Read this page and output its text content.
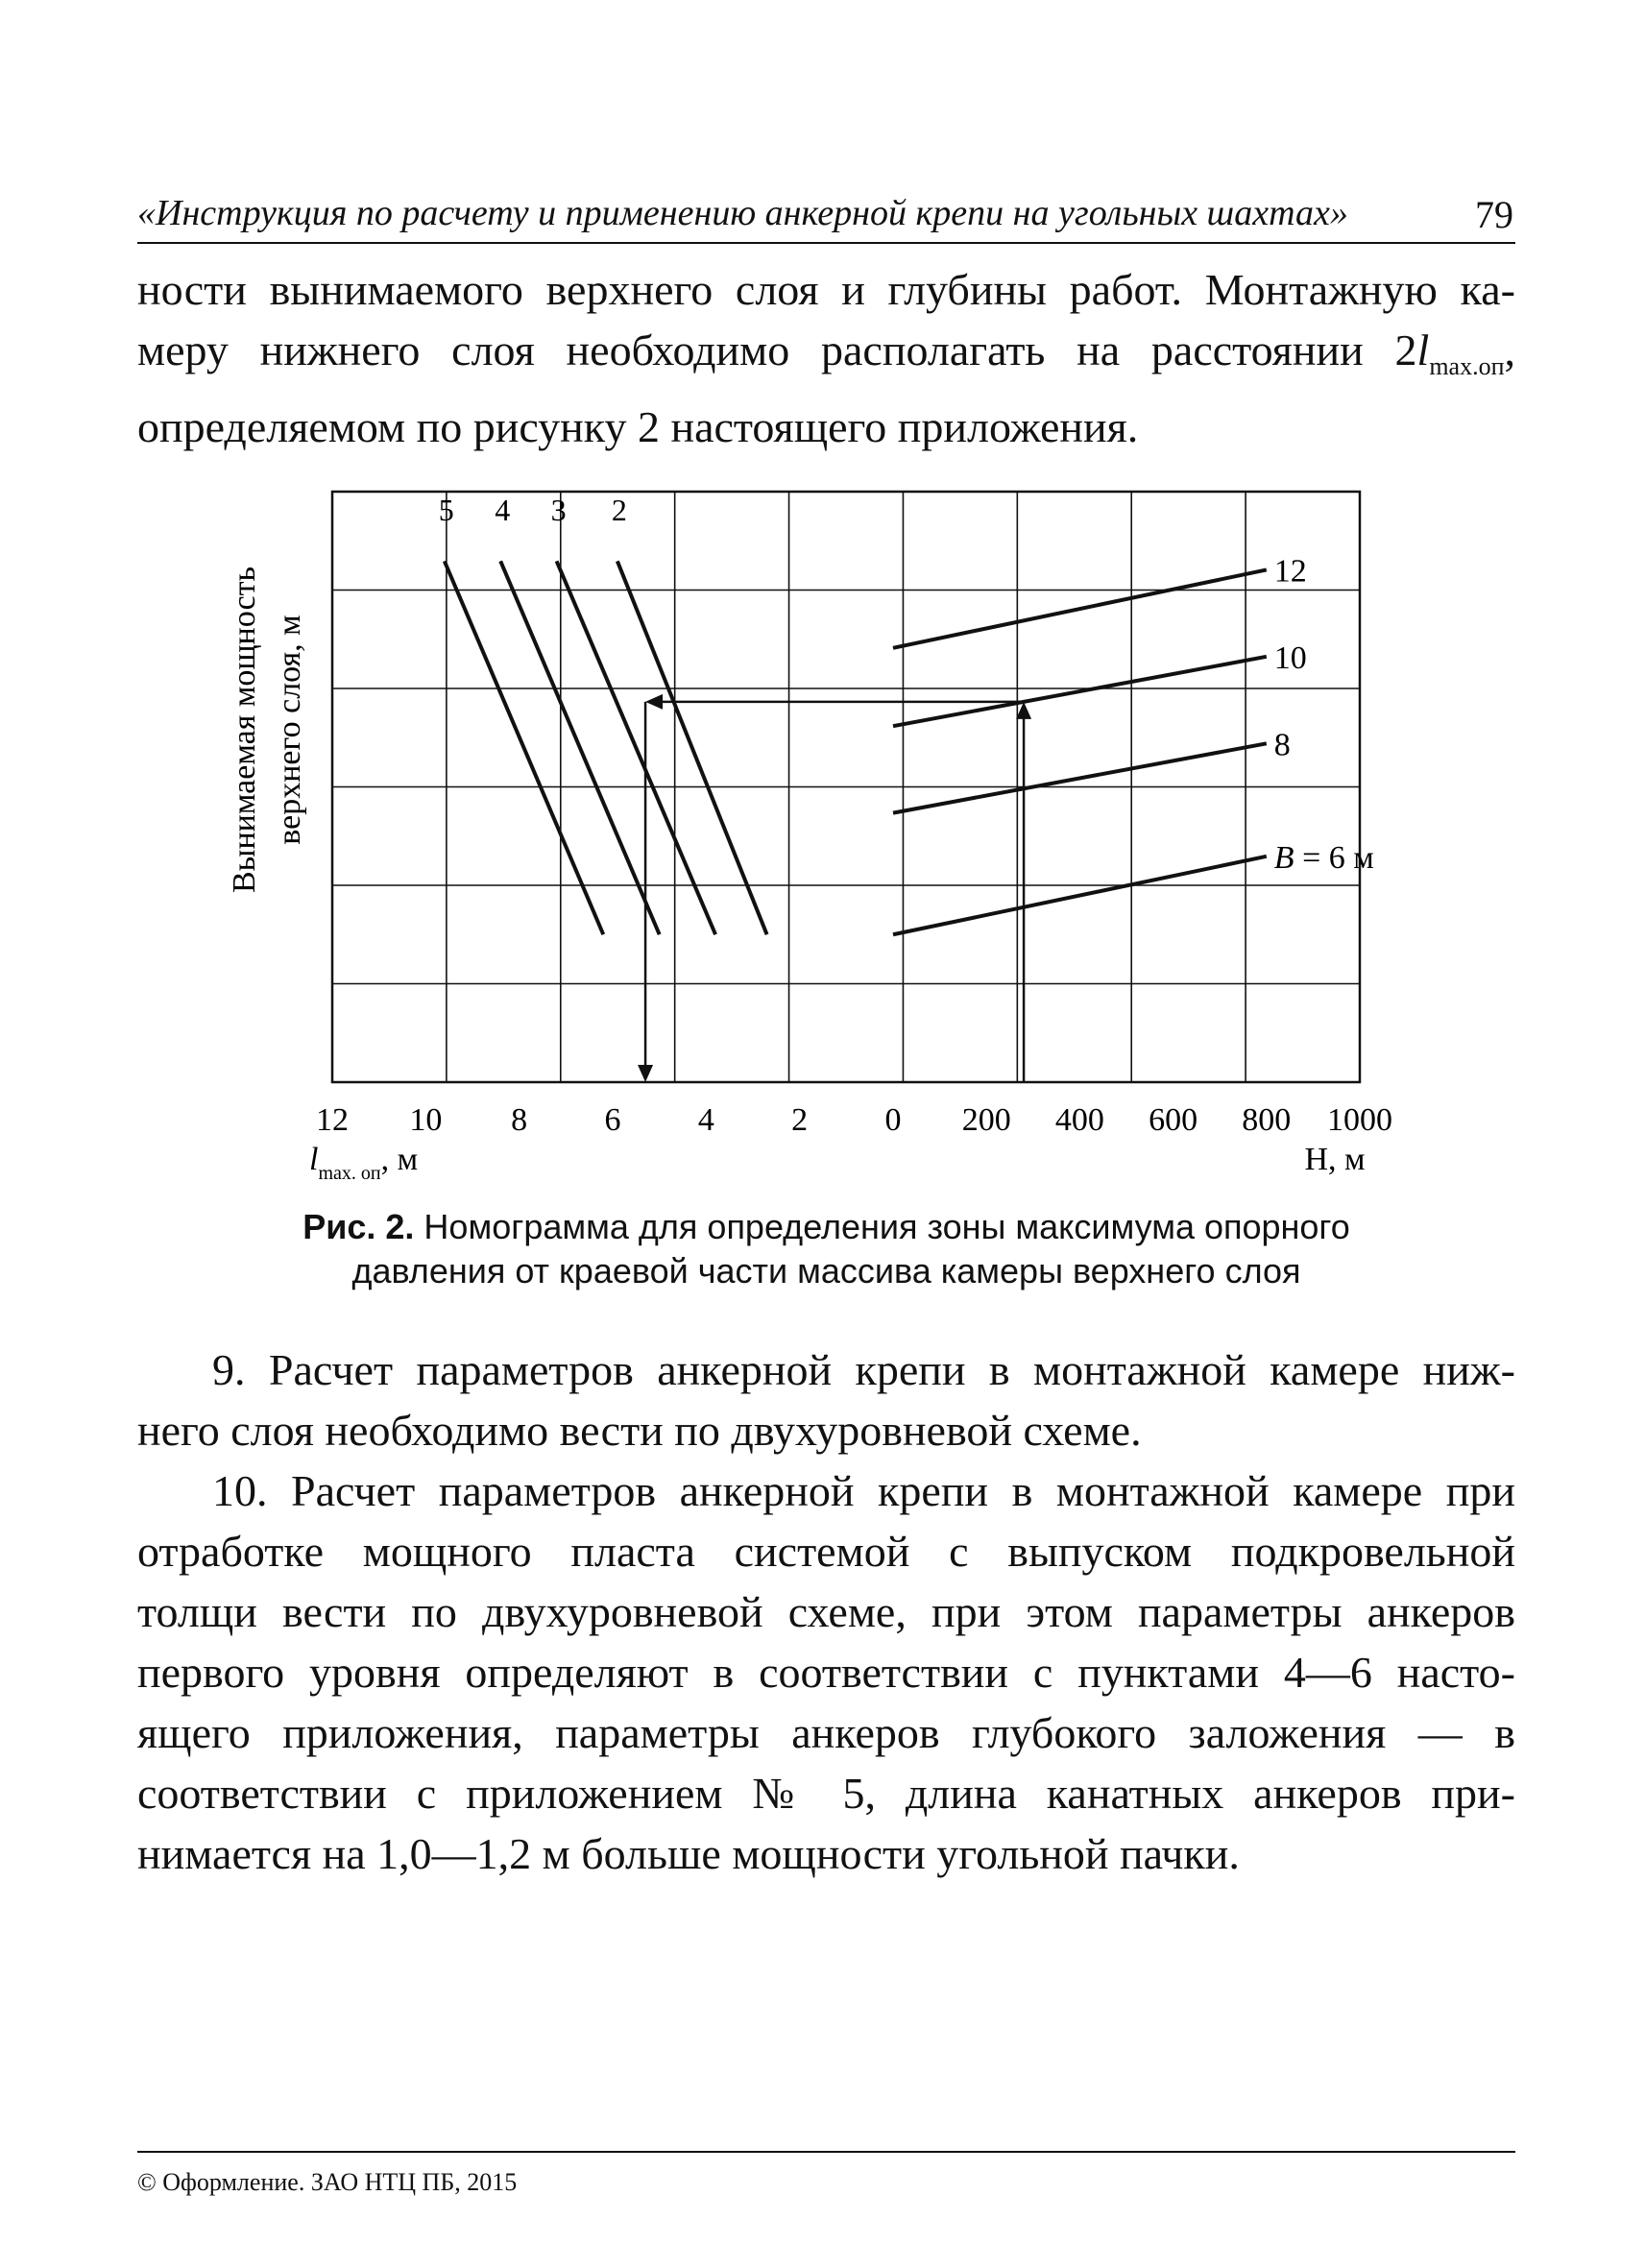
«Инструкция по расчету и применению анкерной крепи на угольных шахтах»	79
ности вынимаемого верхнего слоя и глубины работ. Монтажную ка-
меру нижнего слоя необходимо располагать на расстоянии $2l_{max.оп}$,
определяемом по рисунку 2 настоящего приложения.
12 10 8 6 4 2 0 200 400 600 800 1000
5 4 3 2
B = 6 м
8
10
12
Вынимаемая мощность верхнего слоя, м
$l_{max. оп}$, м	Н, м
Рис. 2. Номограмма для определения зоны максимума опорного
давления от краевой части массива камеры верхнего слоя
9. Расчет параметров анкерной крепи в монтажной камере ниж-
него слоя необходимо вести по двухуровневой схеме.
10. Расчет параметров анкерной крепи в монтажной камере при
отработке мощного пласта системой с выпуском подкровельной
толщи вести по двухуровневой схеме, при этом параметры анкеров
первого уровня определяют в соответствии с пунктами 4—6 насто-
ящего приложения, параметры анкеров глубокого заложения — в
соответствии с приложением № 5, длина канатных анкеров при-
нимается на 1,0—1,2 м больше мощности угольной пачки.
© Оформление. ЗАО НТЦ ПБ, 2015
